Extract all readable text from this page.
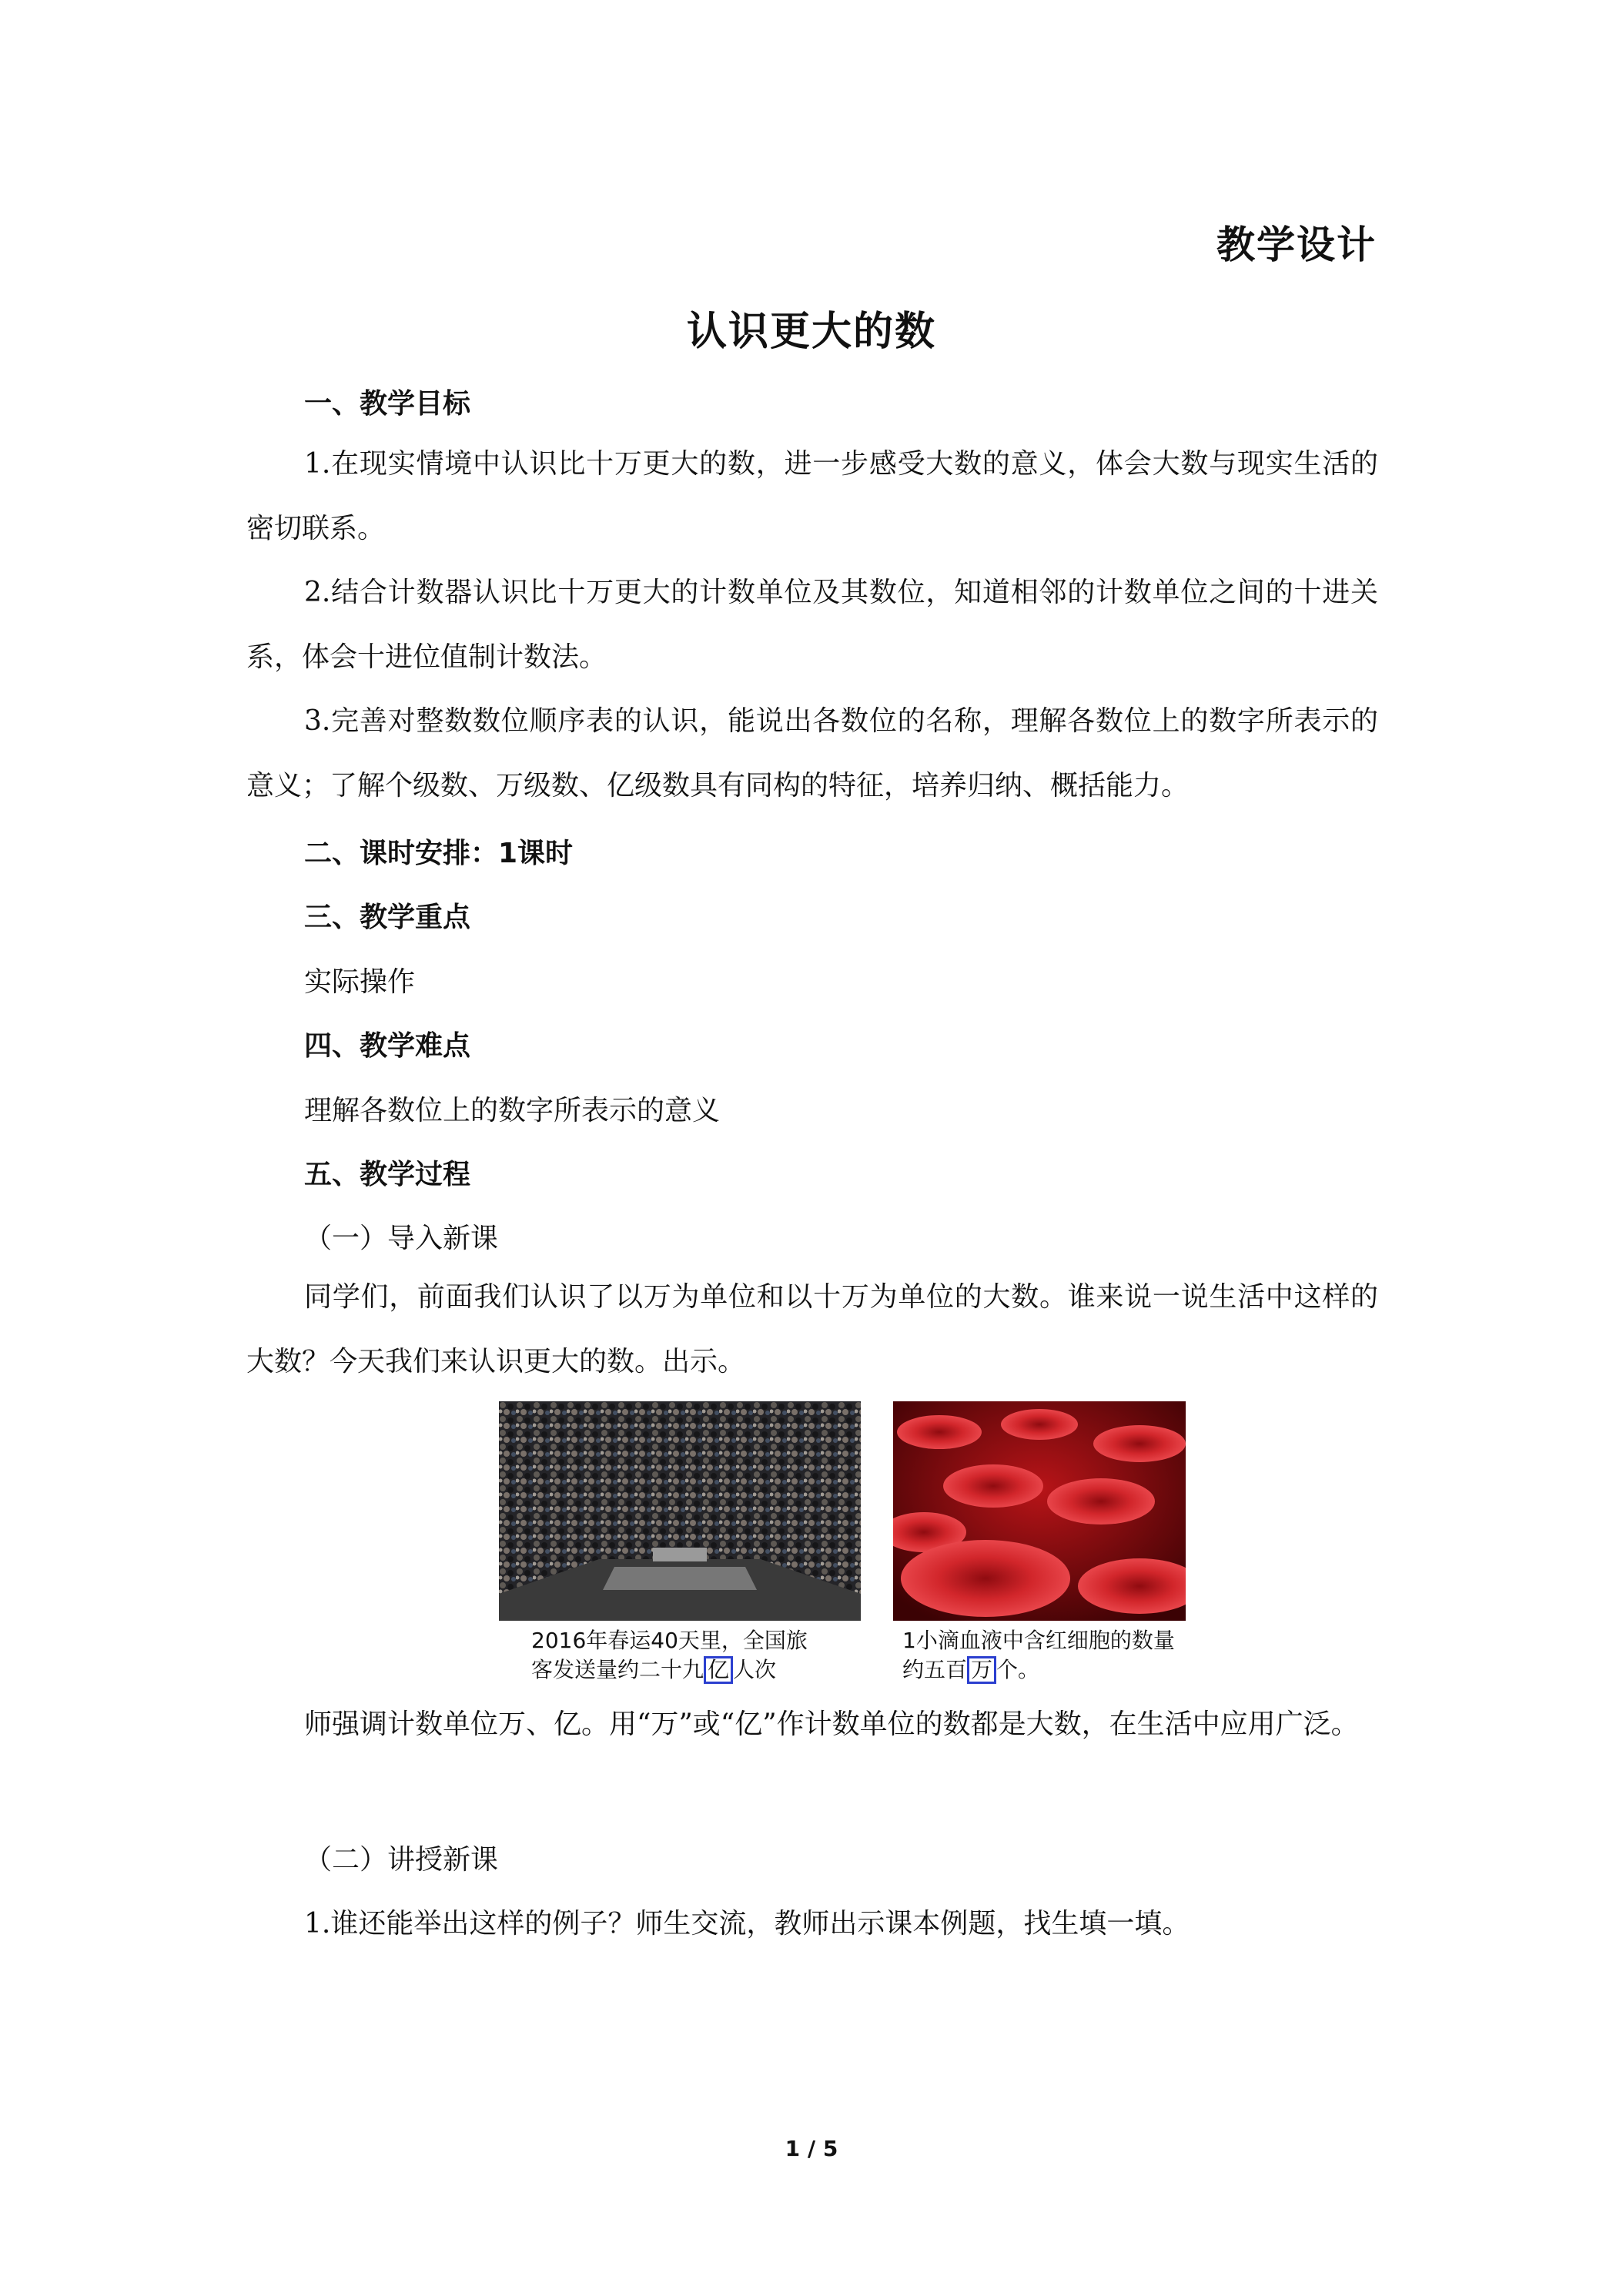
教学设计
认识更大的数
一、教学目标
1.在现实情境中认识比十万更大的数，进一步感受大数的意义，体会大数与现实生活的密切联系。
2.结合计数器认识比十万更大的计数单位及其数位，知道相邻的计数单位之间的十进关系，体会十进位值制计数法。
3.完善对整数数位顺序表的认识，能说出各数位的名称，理解各数位上的数字所表示的意义；了解个级数、万级数、亿级数具有同构的特征，培养归纳、概括能力。
二、课时安排：1课时
三、教学重点
实际操作
四、教学难点
理解各数位上的数字所表示的意义
五、教学过程
（一）导入新课
同学们，前面我们认识了以万为单位和以十万为单位的大数。谁来说一说生活中这样的大数？今天我们来认识更大的数。出示。
2016年春运40天里，全国旅
客发送量约二十九 亿 人次
1小滴血液中含红细胞的数量
约五百 万 个。
师强调计数单位万、亿。用“万”或“亿”作计数单位的数都是大数，在生活中应用广泛。
（二）讲授新课
1.谁还能举出这样的例子？师生交流，教师出示课本例题，找生填一填。
1 / 5
